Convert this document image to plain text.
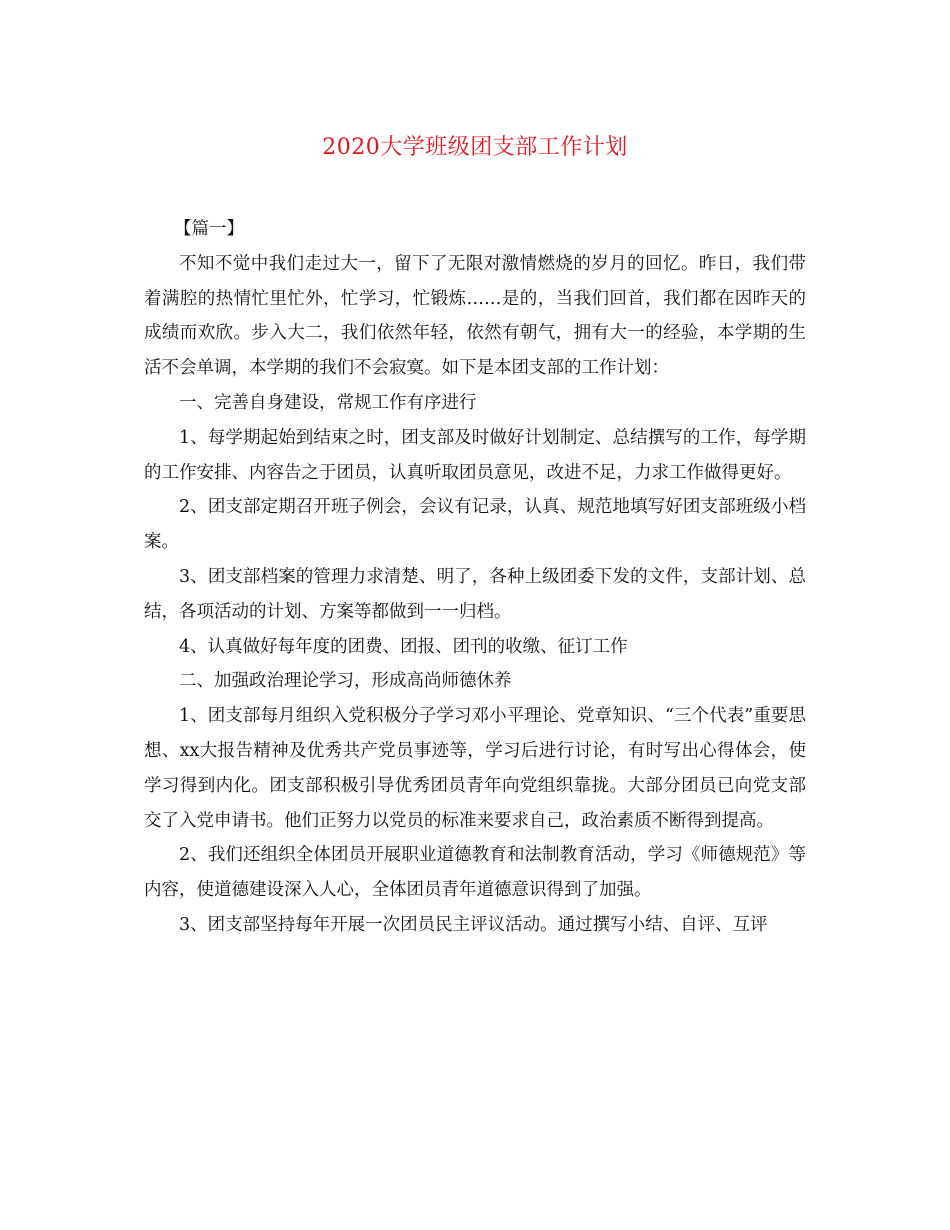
2020大学班级团支部工作计划

【篇一】

不知不觉中我们走过大一，留下了无限对激情燃烧的岁月的回忆。昨日，我们带着满腔的热情忙里忙外，忙学习，忙锻炼……是的，当我们回首，我们都在因昨天的成绩而欢欣。步入大二，我们依然年轻，依然有朝气，拥有大一的经验，本学期的生活不会单调，本学期的我们不会寂寞。如下是本团支部的工作计划：

一、完善自身建设，常规工作有序进行

1、每学期起始到结束之时，团支部及时做好计划制定、总结撰写的工作，每学期的工作安排、内容告之于团员，认真听取团员意见，改进不足，力求工作做得更好。

2、团支部定期召开班子例会，会议有记录，认真、规范地填写好团支部班级小档案。

3、团支部档案的管理力求清楚、明了，各种上级团委下发的文件，支部计划、总结，各项活动的计划、方案等都做到一一归档。

4、认真做好每年度的团费、团报、团刊的收缴、征订工作

二、加强政治理论学习，形成高尚师德休养

1、团支部每月组织入党积极分子学习邓小平理论、党章知识、“三个代表”重要思想、xx大报告精神及优秀共产党员事迹等，学习后进行讨论，有时写出心得体会，使学习得到内化。团支部积极引导优秀团员青年向党组织靠拢。大部分团员已向党支部交了入党申请书。他们正努力以党员的标准来要求自己，政治素质不断得到提高。

2、我们还组织全体团员开展职业道德教育和法制教育活动，学习《师德规范》等内容，使道德建设深入人心，全体团员青年道德意识得到了加强。

3、团支部坚持每年开展一次团员民主评议活动。通过撰写小结、自评、互评
